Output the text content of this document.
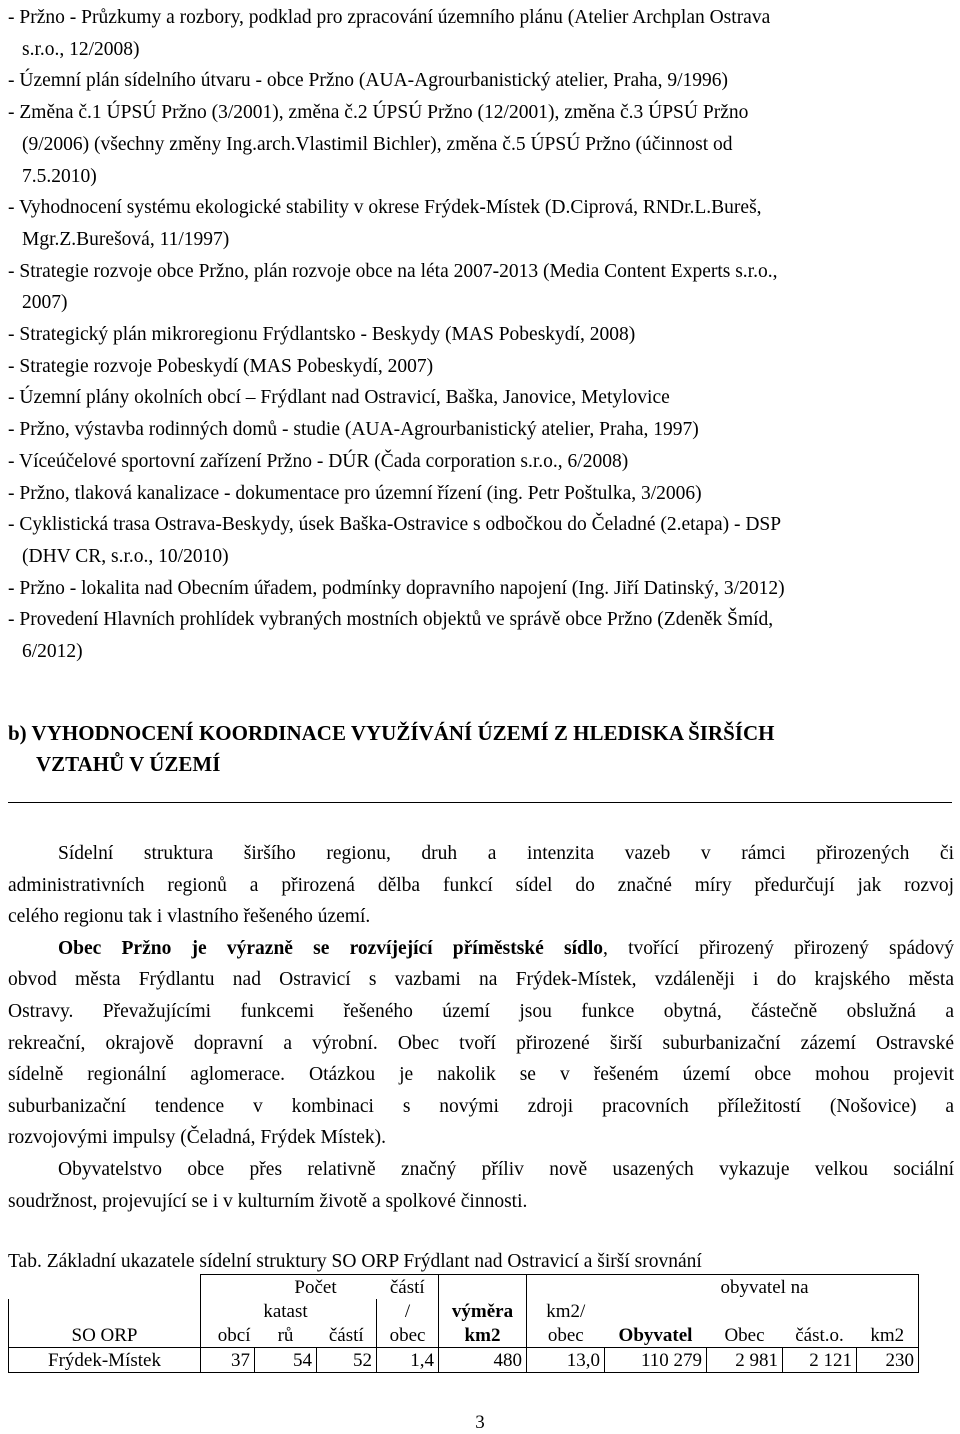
- Pržno - Průzkumy a rozbory, podklad pro zpracování územního plánu (Atelier Archplan Ostrava
s.r.o., 12/2008)
- Územní plán sídelního útvaru - obce Pržno (AUA-Agrourbanistický atelier, Praha, 9/1996)
- Změna č.1 ÚPSÚ Pržno (3/2001), změna č.2 ÚPSÚ Pržno (12/2001), změna č.3 ÚPSÚ Pržno
(9/2006) (všechny změny Ing.arch.Vlastimil Bichler), změna č.5 ÚPSÚ Pržno (účinnost od
7.5.2010)
- Vyhodnocení systému ekologické stability v okrese Frýdek-Místek (D.Ciprová, RNDr.L.Bureš,
Mgr.Z.Burešová, 11/1997)
- Strategie rozvoje obce Pržno, plán rozvoje obce na léta 2007-2013 (Media Content Experts s.r.o.,
2007)
- Strategický plán mikroregionu Frýdlantsko - Beskydy (MAS Pobeskydí, 2008)
- Strategie rozvoje Pobeskydí (MAS Pobeskydí, 2007)
- Územní plány okolních obcí – Frýdlant nad Ostravicí, Baška, Janovice, Metylovice
- Pržno, výstavba rodinných domů - studie (AUA-Agrourbanistický atelier, Praha, 1997)
- Víceúčelové sportovní zařízení Pržno - DÚR (Čada corporation s.r.o., 6/2008)
- Pržno, tlaková kanalizace - dokumentace pro územní řízení (ing. Petr Poštulka, 3/2006)
- Cyklistická trasa Ostrava-Beskydy, úsek Baška-Ostravice s odbočkou do Čeladné (2.etapa) - DSP
(DHV CR, s.r.o., 10/2010)
- Pržno - lokalita nad Obecním úřadem, podmínky dopravního napojení (Ing. Jiří Datinský, 3/2012)
- Provedení Hlavních prohlídek vybraných mostních objektů ve správě obce Pržno (Zdeněk Šmíd,
6/2012)
b) VYHODNOCENÍ KOORDINACE VYUŽÍVÁNÍ ÚZEMÍ Z HLEDISKA ŠIRŠÍCH
VZTAHŮ V ÚZEMÍ
Sídelní struktura širšího regionu, druh a intenzita vazeb v rámci přirozených či
administrativních regionů a přirozená dělba funkcí sídel do značné míry předurčují jak rozvoj
celého regionu tak i vlastního řešeného území.
Obec Pržno je výrazně se rozvíjející příměstské sídlo, tvořící přirozený přirozený spádový
obvod města Frýdlantu nad Ostravicí s vazbami na Frýdek-Místek, vzdáleněji i do krajského města
Ostravy. Převažujícími funkcemi řešeného území jsou funkce obytná, částečně obslužná a
rekreační, okrajově dopravní a výrobní. Obec tvoří přirozené širší suburbanizační zázemí Ostravské
sídelně regionální aglomerace. Otázkou je nakolik se v řešeném území obce mohou projevit
suburbanizační tendence v kombinaci s novými zdroji pracovních příležitostí (Nošovice) a
rozvojovými impulsy (Čeladná, Frýdek Místek).
Obyvatelstvo obce přes relativně značný příliv nově usazených vykazuje velkou sociální
soudržnost, projevující se i v kulturním životě a spolkové činnosti.
Tab. Základní ukazatele sídelní struktury SO ORP Frýdlant nad Ostravicí a širší srovnání
		Počet		částí				obyvatel na		
		katast		/	výměra	km2/				
SO ORP	obcí	rů	částí	obec	km2	obec	Obyvatel	Obec	část.o.	km2
Frýdek-Místek	37	54	52	1,4	480	13,0	110 279	2 981	2 121	230
3
